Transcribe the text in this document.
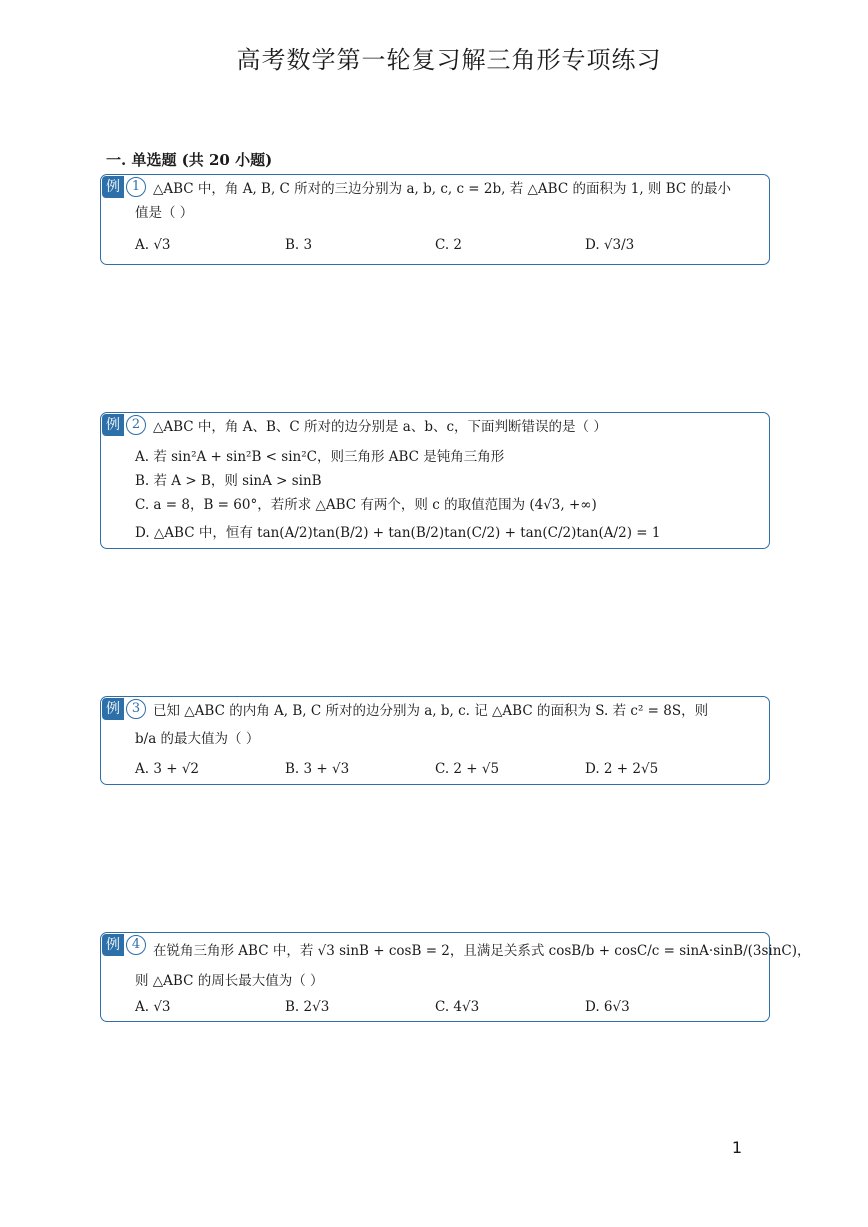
高考数学第一轮复习解三角形专项练习
一. 单选题 (共 20 小题)
例 1 △ABC 中，角 A, B, C 所对的三边分别为 a, b, c, c = 2b, 若 △ABC 的面积为 1, 则 BC 的最小
值是（ ）
A. √3	B. 3	C. 2	D. √3/3
例 2 △ABC 中，角 A、B、C 所对的边分别是 a、b、c，下面判断错误的是（ ）
A. 若 sin²A + sin²B < sin²C，则三角形 ABC 是钝角三角形
B. 若 A > B，则 sinA > sinB
C. a = 8，B = 60°，若所求 △ABC 有两个，则 c 的取值范围为 (4√3, +∞)
D. △ABC 中，恒有 tan(A/2)tan(B/2) + tan(B/2)tan(C/2) + tan(C/2)tan(A/2) = 1
例 3 已知 △ABC 的内角 A, B, C 所对的边分别为 a, b, c. 记 △ABC 的面积为 S. 若 c² = 8S，则
b/a 的最大值为（ ）
A. 3 + √2	B. 3 + √3	C. 2 + √5	D. 2 + 2√5
例 4 在锐角三角形 ABC 中，若 √3 sinB + cosB = 2，且满足关系式 cosB/b + cosC/c = sinA·sinB/(3sinC)，
则 △ABC 的周长最大值为（ ）
A. √3	B. 2√3	C. 4√3	D. 6√3
1
